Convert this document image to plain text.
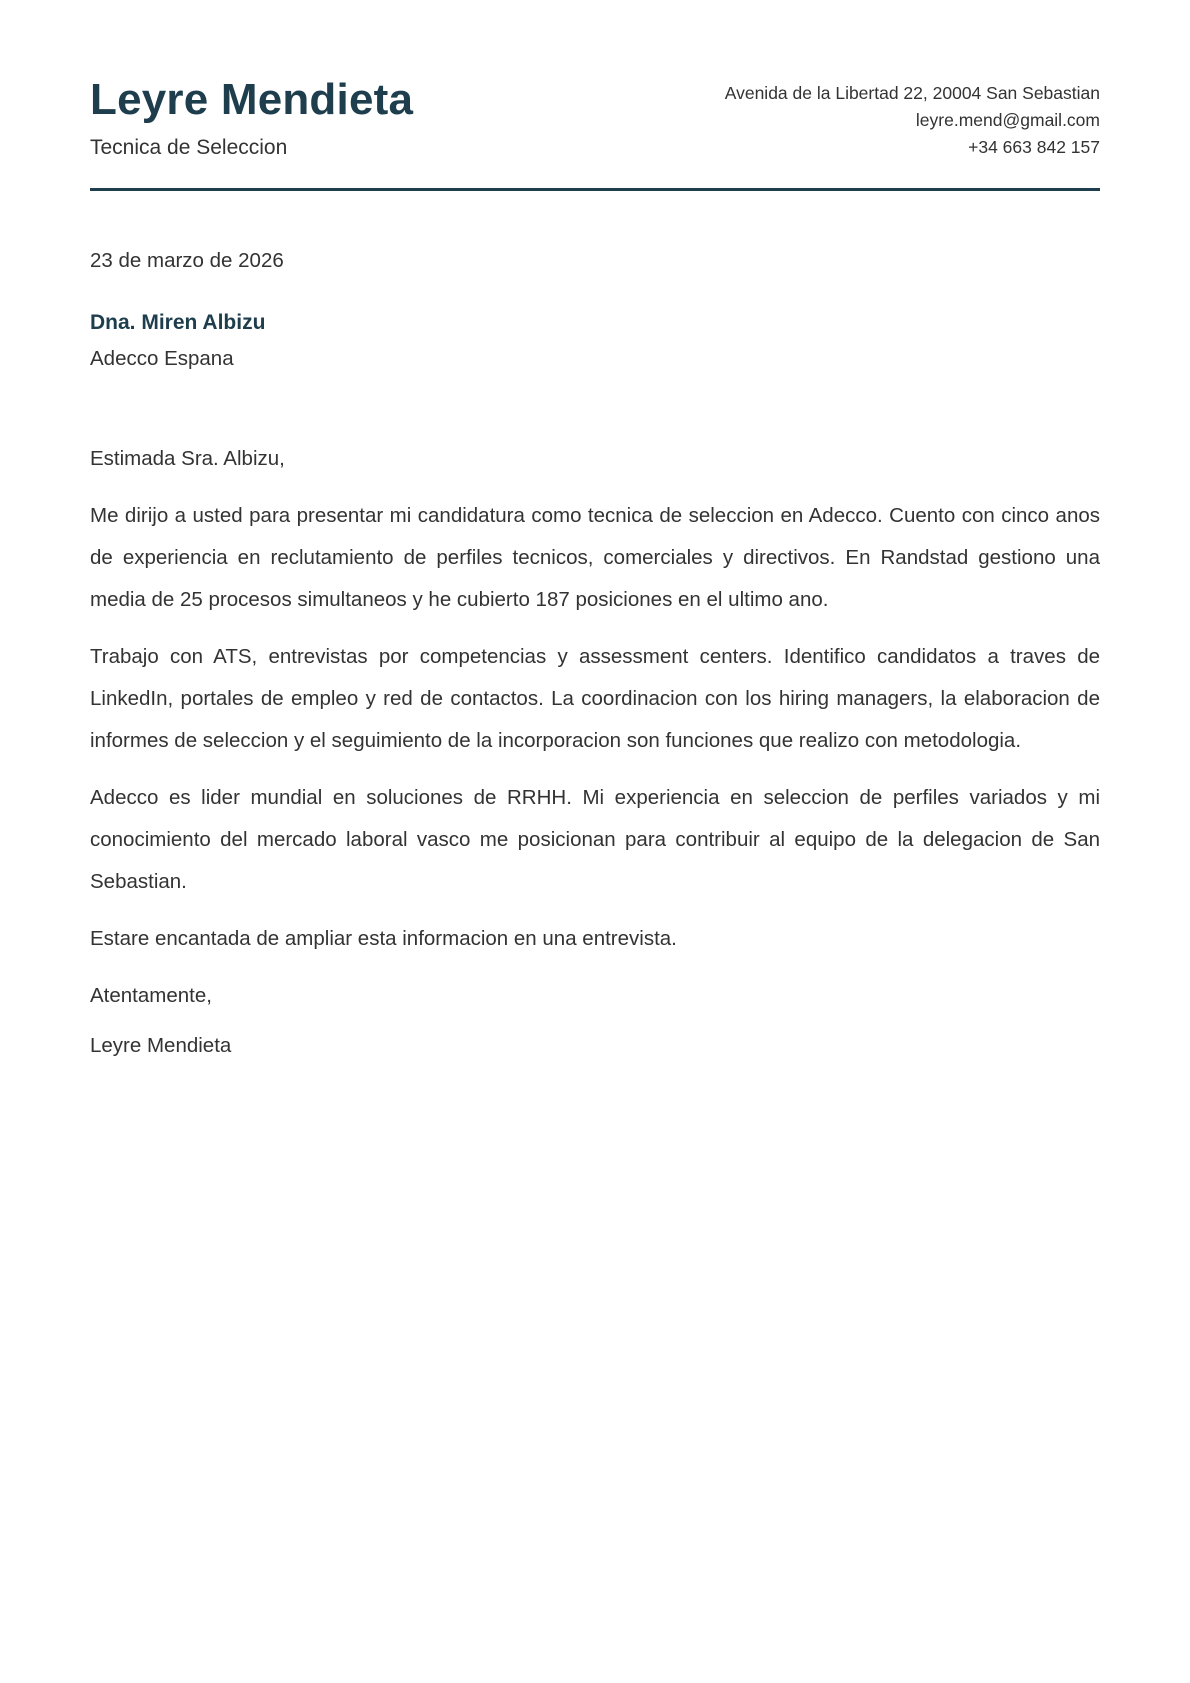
Leyre Mendieta
Tecnica de Seleccion
Avenida de la Libertad 22, 20004 San Sebastian
leyre.mend@gmail.com
+34 663 842 157
23 de marzo de 2026
Dna. Miren Albizu
Adecco Espana

Estimada Sra. Albizu,

Me dirijo a usted para presentar mi candidatura como tecnica de seleccion en Adecco. Cuento con cinco anos de experiencia en reclutamiento de perfiles tecnicos, comerciales y directivos. En Randstad gestiono una media de 25 procesos simultaneos y he cubierto 187 posiciones en el ultimo ano.

Trabajo con ATS, entrevistas por competencias y assessment centers. Identifico candidatos a traves de LinkedIn, portales de empleo y red de contactos. La coordinacion con los hiring managers, la elaboracion de informes de seleccion y el seguimiento de la incorporacion son funciones que realizo con metodologia.

Adecco es lider mundial en soluciones de RRHH. Mi experiencia en seleccion de perfiles variados y mi conocimiento del mercado laboral vasco me posicionan para contribuir al equipo de la delegacion de San Sebastian.

Estare encantada de ampliar esta informacion en una entrevista.

Atentamente,

Leyre Mendieta
